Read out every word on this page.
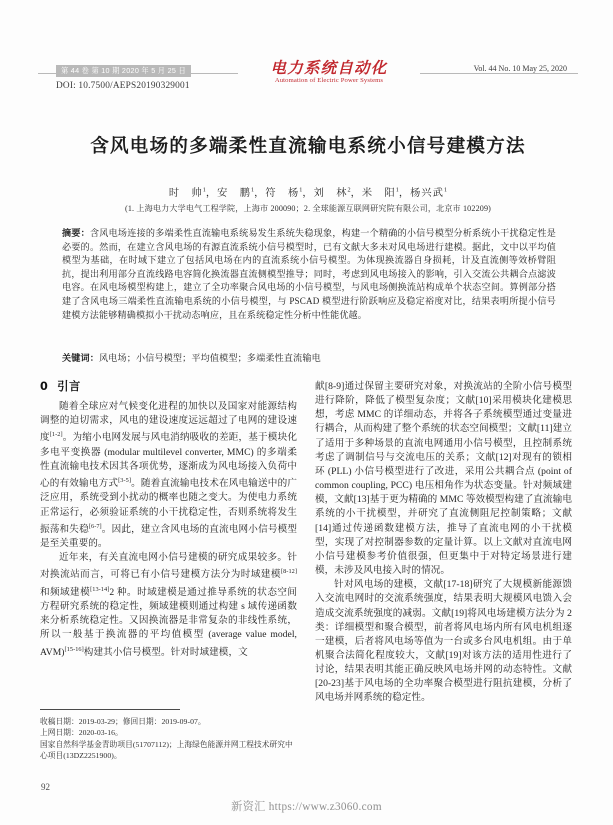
第 44 卷 第 10 期 2020 年 5 月 25 日
DOI: 10.7500/AEPS20190329001
电力系统自动化
Automation of Electric Power Systems
Vol. 44 No. 10 May 25, 2020
含风电场的多端柔性直流输电系统小信号建模方法
时　帅$^1$，安　鹏$^1$，符　杨$^1$，刘　林$^2$，米　阳$^1$，杨兴武$^1$
(1. 上海电力大学电气工程学院，上海市 200090；2. 全球能源互联网研究院有限公司，北京市 102209)
摘要：含风电场连接的多端柔性直流输电系统易发生系统失稳现象，构建一个精确的小信号模型分析系统小干扰稳定性是必要的。然而，在建立含风电场的有源直流系统小信号模型时，已有文献大多未对风电场进行建模。据此，文中以平均值模型为基础，在时域下建立了包括风电场在内的直流系统小信号模型。为体现换流器自身损耗，计及直流侧等效桥臂阻抗，提出利用部分直流线路电容简化换流器直流侧模型推导；同时，考虑到风电场接入的影响，引入交流公共耦合点滤波电容。在风电场模型构建上，建立了全功率聚合风电场的小信号模型，与风电场侧换流站构成单个状态空间。算例部分搭建了含风电场三端柔性直流输电系统的小信号模型，与 PSCAD 模型进行阶跃响应及稳定裕度对比，结果表明所提小信号建模方法能够精确模拟小干扰动态响应，且在系统稳定性分析中性能优越。
关键词：风电场；小信号模型；平均值模型；多端柔性直流输电
0 引言

随着全球应对气候变化进程的加快以及国家对能源结构调整的迫切需求，风电的建设速度远远超过了电网的建设速度[1-2]。为缩小电网发展与风电消纳吸收的差距，基于模块化多电平变换器 (modular multilevel converter, MMC) 的多端柔性直流输电技术因其各项优势，逐渐成为风电场接入负荷中心的有效输电方式[3-5]。随着直流输电技术在风电输送中的广泛应用，系统受到小扰动的概率也随之变大。为使电力系统正常运行，必须验证系统的小干扰稳定性，否则系统将发生振荡和失稳[6-7]。因此，建立含风电场的直流电网小信号模型是至关重要的。

近年来，有关直流电网小信号建模的研究成果较多。针对换流站而言，可将已有小信号建模方法分为时域建模[8-12]和频域建模[13-14]2 种。时域建模是通过推导系统的状态空间方程研究系统的稳定性，频域建模则通过构建 s 域传递函数来分析系统稳定性。又因换流器是非常复杂的非线性系统，所以一般基于换流器的平均值模型 (average value model, AVM)[15-16]构建其小信号模型。针对时域建模，文

献[8-9]通过保留主要研究对象，对换流站的全阶小信号模型进行降阶，降低了模型复杂度；文献[10]采用模块化建模思想，考虑 MMC 的详细动态，并将各子系统模型通过变量进行耦合，从而构建了整个系统的状态空间模型；文献[11]建立了适用于多种场景的直流电网通用小信号模型，且控制系统考虑了调制信号与交流电压的关系；文献[12]对现有的锁相环 (PLL) 小信号模型进行了改进，采用公共耦合点 (point of common coupling, PCC) 电压相角作为状态变量。针对频域建模，文献[13]基于更为精确的 MMC 等效模型构建了直流输电系统的小干扰模型，并研究了直流侧阻尼控制策略；文献[14]通过传递函数建模方法，推导了直流电网的小干扰模型，实现了对控制器参数的定量计算。以上文献对直流电网小信号建模参考价值很强，但更集中于对特定场景进行建模，未涉及风电接入时的情况。

针对风电场的建模，文献[17-18]研究了大规模新能源馈入交流电网时的交流系统强度，结果表明大规模风电馈入会造成交流系统强度的减弱。文献[19]将风电场建模方法分为 2 类：详细模型和聚合模型，前者将风电场内所有风电机组逐一建模，后者将风电场等值为一台或多台风电机组。由于单机聚合法简化程度较大，文献[19]对该方法的适用性进行了讨论，结果表明其能正确反映风电场并网的动态特性。文献[20-23]基于风电场的全功率聚合模型进行阻抗建模，分析了风电场并网系统的稳定性。

收稿日期：2019-03-29；修回日期：2019-09-07。
上网日期：2020-03-16。
国家自然科学基金青助项目(51707112)；上海绿色能源并网工程技术研究中心项目(13DZ2251900)。
92
新资汇 https://www.z3060.com
